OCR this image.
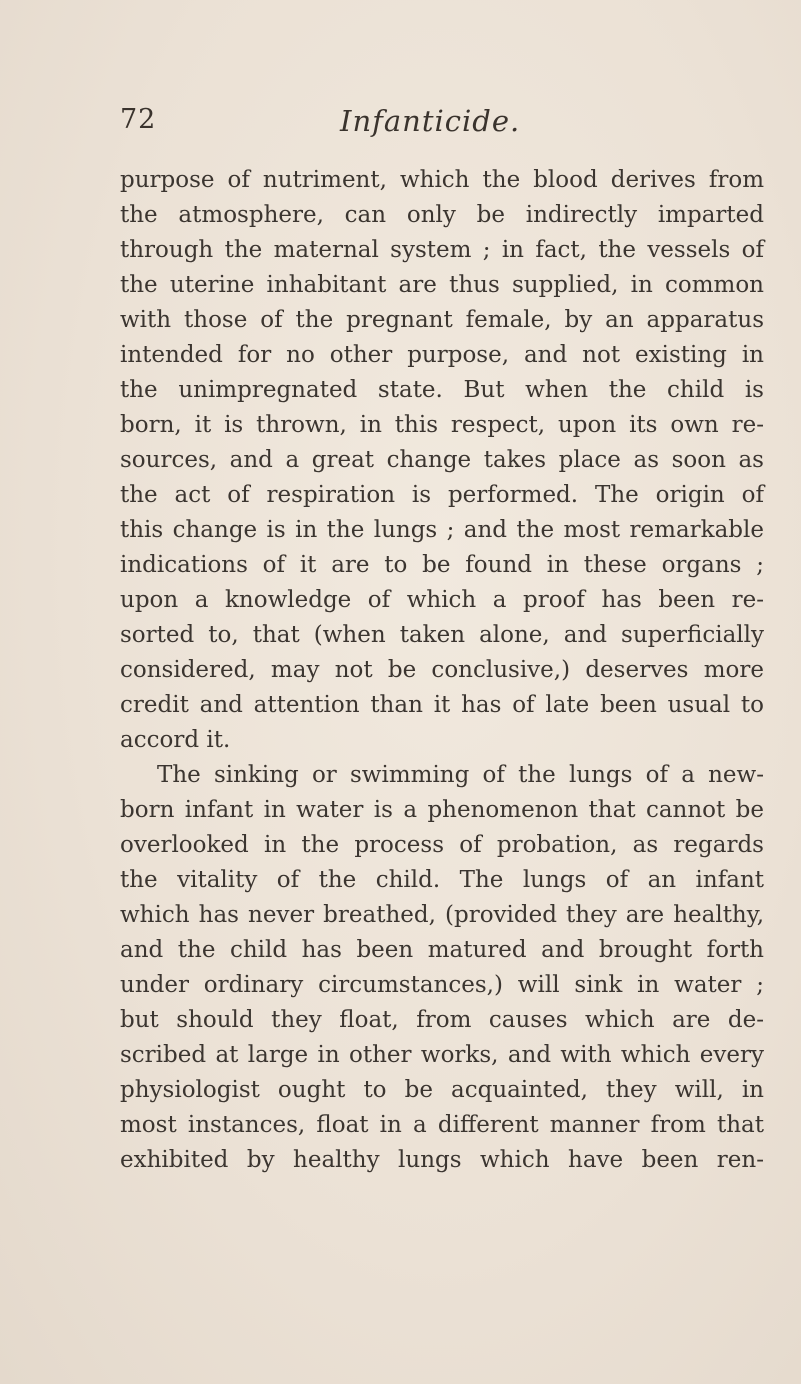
72	Infanticide.
purpose of nutriment, which the blood derives from
the atmosphere, can only be indirectly imparted
through the maternal system ; in fact, the vessels of
the uterine inhabitant are thus supplied, in common
with those of the pregnant female, by an apparatus
intended for no other purpose, and not existing in
the unimpregnated state. But when the child is
born, it is thrown, in this respect, upon its own re-
sources, and a great change takes place as soon as
the act of respiration is performed. The origin of
this change is in the lungs ; and the most remarkable
indications of it are to be found in these organs ;
upon a knowledge of which a proof has been re-
sorted to, that (when taken alone, and superficially
considered, may not be conclusive,) deserves more
credit and attention than it has of late been usual to
accord it.
The sinking or swimming of the lungs of a new-
born infant in water is a phenomenon that cannot be
overlooked in the process of probation, as regards
the vitality of the child. The lungs of an infant
which has never breathed, (provided they are healthy,
and the child has been matured and brought forth
under ordinary circumstances,) will sink in water ;
but should they float, from causes which are de-
scribed at large in other works, and with which every
physiologist ought to be acquainted, they will, in
most instances, float in a different manner from that
exhibited by healthy lungs which have been ren-
